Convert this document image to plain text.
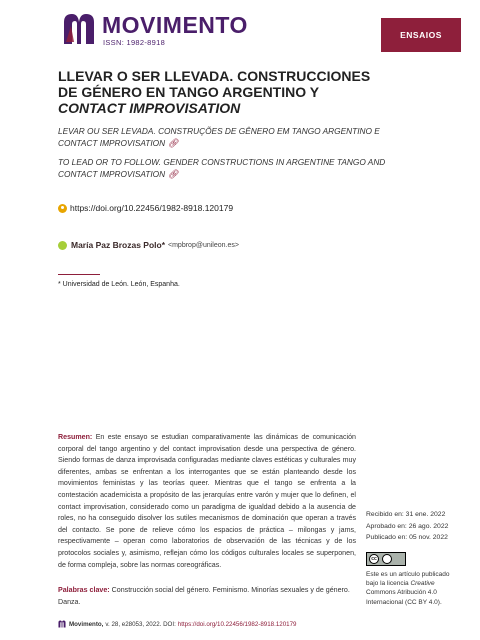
MOVIMENTO
ISSN: 1982-8918
ENSAIOS
LLEVAR O SER LLEVADA. CONSTRUCCIONES
DE GÉNERO EN TANGO ARGENTINO Y
CONTACT IMPROVISATION
LEVAR OU SER LEVADA. CONSTRUÇÕES DE GÊNERO EM TANGO ARGENTINO E CONTACT IMPROVISATION 🔗︎
TO LEAD OR TO FOLLOW. GENDER CONSTRUCTIONS IN ARGENTINE TANGO AND CONTACT IMPROVISATION 🔗︎
https://doi.org/10.22456/1982-8918.120179
María Paz Brozas Polo* <mpbrop@unileon.es>
* Universidad de León. León, Espanha.
Resumen: En este ensayo se estudian comparativamente las dinámicas de comunicación corporal del tango argentino y del contact improvisation desde una perspectiva de género. Siendo formas de danza improvisada configuradas mediante claves estéticas y culturales muy diferentes, ambas se enfrentan a los interrogantes que se están planteando desde los movimientos feministas y las teorías queer. Mientras que el tango se enfrenta a la contestación academicista a propósito de las jerarquías entre varón y mujer que lo definen, el contact improvisation, considerado como un paradigma de igualdad debido a la ausencia de roles, no ha conseguido disolver los sutiles mecanismos de dominación que operan a través del contacto. Se pone de relieve cómo los espacios de práctica – milongas y jams, respectivamente – operan como laboratorios de observación de las técnicas y de los protocolos sociales y, asimismo, reflejan cómo los códigos culturales locales se superponen, de forma compleja, sobre las normas coreográficas.
Palabras clave: Construcción social del género. Feminismo. Minorías sexuales y de género. Danza.
Recibido en: 31 ene. 2022
Aprobado en: 26 ago. 2022
Publicado en: 05 nov. 2022
cc
Este es un artículo publicado
bajo la licencia Creative
Commons Atribución 4.0
Internacional (CC BY 4.0).
Movimento, v. 28, e28053, 2022. DOI: https://doi.org/10.22456/1982-8918.120179
